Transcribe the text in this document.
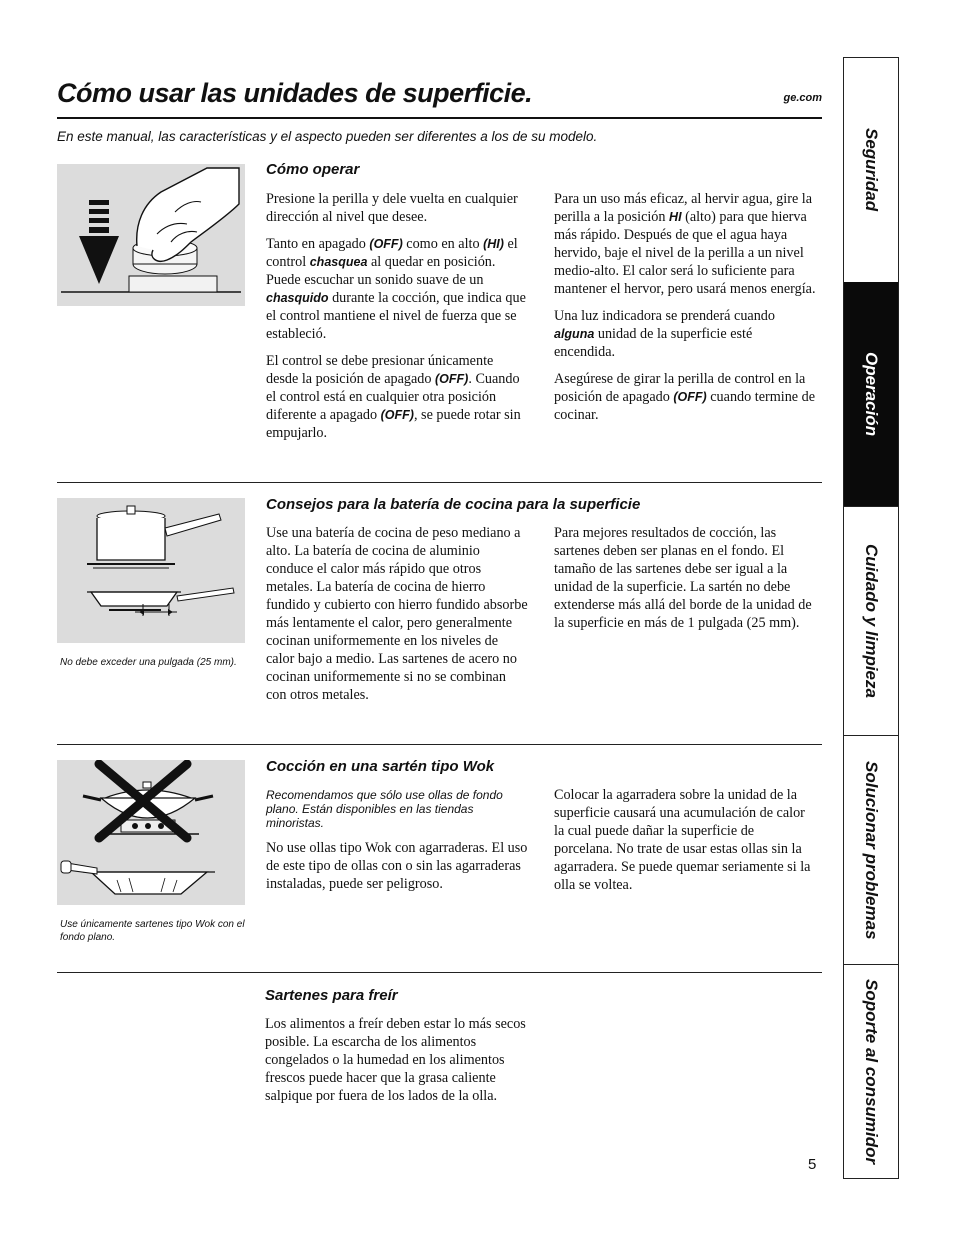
Cómo usar las unidades de superficie.	ge.com
En este manual, las características y el aspecto pueden ser diferentes a los de su modelo.
Cómo operar

Presione la perilla y dele vuelta en cualquier dirección al nivel que desee.

Tanto en apagado (OFF) como en alto (HI) el control chasquea al quedar en posición. Puede escuchar un sonido suave de un chasquido durante la cocción, que indica que el control mantiene el nivel de fuerza que se estableció.

El control se debe presionar únicamente desde la posición de apagado (OFF). Cuando el control está en cualquier otra posición diferente a apagado (OFF), se puede rotar sin empujarlo.

Para un uso más eficaz, al hervir agua, gire la perilla a la posición HI (alto) para que hierva más rápido. Después de que el agua haya hervido, baje el nivel de la perilla a un nivel medio-alto. El calor será lo suficiente para mantener el hervor, pero usará menos energía.

Una luz indicadora se prenderá cuando alguna unidad de la superficie esté encendida.

Asegúrese de girar la perilla de control en la posición de apagado (OFF) cuando termine de cocinar.

No debe exceder una pulgada (25 mm).
Consejos para la batería de cocina para la superficie

Use una batería de cocina de peso mediano a alto. La batería de cocina de aluminio conduce el calor más rápido que otros metales. La batería de cocina de hierro fundido y cubierto con hierro fundido absorbe más lentamente el calor, pero generalmente cocinan uniformemente en los niveles de calor bajo a medio. Las sartenes de acero no cocinan uniformemente si no se combinan con otros metales.

Para mejores resultados de cocción, las sartenes deben ser planas en el fondo. El tamaño de las sartenes debe ser igual a la unidad de la superficie. La sartén no debe extenderse más allá del borde de la unidad de la superficie en más de 1 pulgada (25 mm).

Use únicamente sartenes tipo Wok con el fondo plano.
Cocción en una sartén tipo Wok

Recomendamos que sólo use ollas de fondo plano. Están disponibles en las tiendas minoristas.

No use ollas tipo Wok con agarraderas. El uso de este tipo de ollas con o sin las agarraderas instaladas, puede ser peligroso.

Colocar la agarradera sobre la unidad de la superficie causará una acumulación de calor la cual puede dañar la superficie de porcelana. No trate de usar estas ollas sin la agarradera. Se puede quemar seriamente si la olla se voltea.

Sartenes para freír

Los alimentos a freír deben estar lo más secos posible. La escarcha de los alimentos congelados o la humedad en los alimentos frescos puede hacer que la grasa caliente salpique por fuera de los lados de la olla.

Seguridad
Operación
Cuidado y limpieza
Solucionar problemas
Soporte al consumidor
5
